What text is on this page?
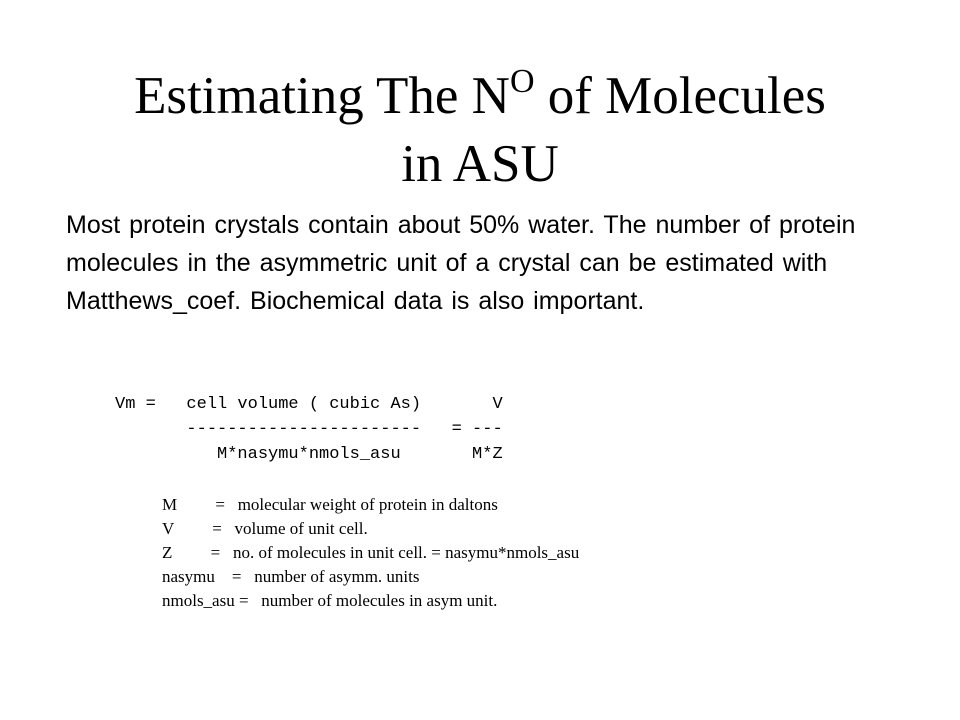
Estimating The $N^O$ of Molecules
in ASU

Most protein crystals contain about 50% water. The number of protein molecules in the asymmetric unit of a crystal can be estimated with Matthews_coef. Biochemical data is also important.

Vm =   cell volume ( cubic As)       V
-----------------------   = ---
M*nasymu*nmols_asu       M*Z
M         =   molecular weight of protein in daltons
V         =   volume of unit cell.
Z         =   no. of molecules in unit cell. = nasymu*nmols_asu
nasymu    =   number of asymm. units
nmols_asu =   number of molecules in asym unit.
